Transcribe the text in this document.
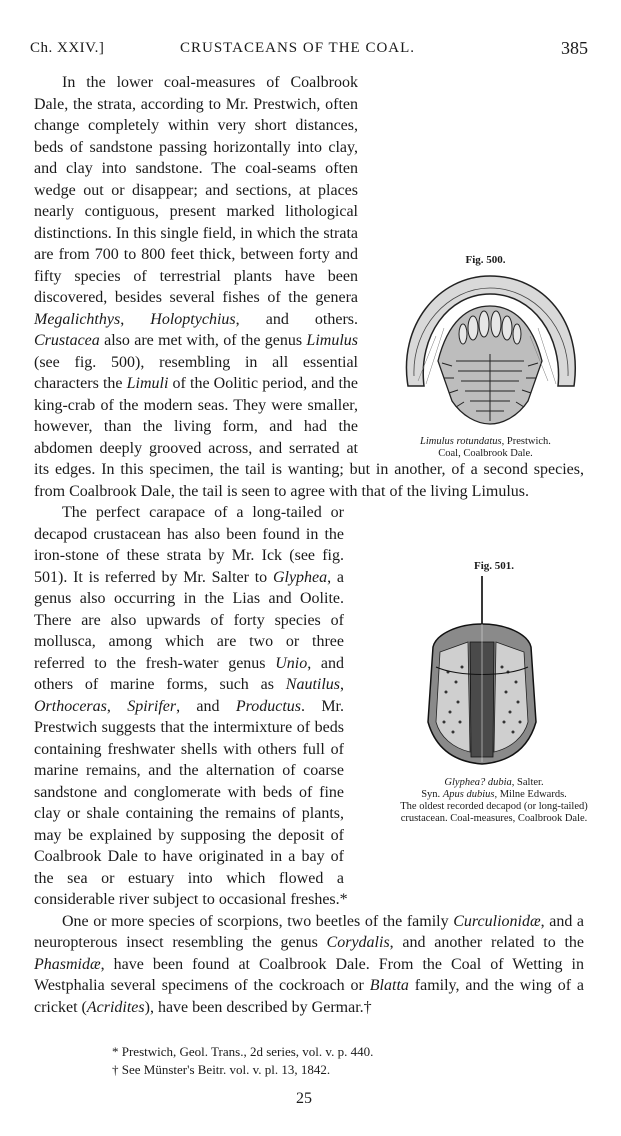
Ch. XXIV.]	CRUSTACEANS OF THE COAL.	385
Fig. 500.
Limulus rotundatus, Prestwich.
Coal, Coalbrook Dale.
Fig. 501.
Glyphea? dubia, Salter.
Syn. Apus dubius, Milne Edwards.
The oldest recorded decapod (or long-tailed) crustacean. Coal-measures, Coalbrook Dale.

In the lower coal-measures of Coalbrook Dale, the strata, according to Mr. Prestwich, often change completely within very short distances, beds of sandstone passing horizontally into clay, and clay into sandstone. The coal-seams often wedge out or disappear; and sections, at places nearly contiguous, present marked lithological distinctions. In this single field, in which the strata are from 700 to 800 feet thick, between forty and fifty species of terrestrial plants have been discovered, besides several fishes of the genera Megalichthys, Holoptychius, and others. Crustacea also are met with, of the genus Limulus (see fig. 500), resembling in all essential characters the Limuli of the Oolitic period, and the king-crab of the modern seas. They were smaller, however, than the living form, and had the abdomen deeply grooved across, and serrated at its edges. In this specimen, the tail is wanting; but in another, of a second species, from Coalbrook Dale, the tail is seen to agree with that of the living Limulus.

The perfect carapace of a long-tailed or decapod crustacean has also been found in the iron-stone of these strata by Mr. Ick (see fig. 501). It is referred by Mr. Salter to Glyphea, a genus also occurring in the Lias and Oolite. There are also upwards of forty species of mollusca, among which are two or three referred to the fresh-water genus Unio, and others of marine forms, such as Nautilus, Orthoceras, Spirifer, and Productus. Mr. Prestwich suggests that the intermixture of beds containing freshwater shells with others full of marine remains, and the alternation of coarse sandstone and conglomerate with beds of fine clay or shale containing the remains of plants, may be explained by supposing the deposit of Coalbrook Dale to have originated in a bay of the sea or estuary into which flowed a considerable river subject to occasional freshes.*

One or more species of scorpions, two beetles of the family Curculionidæ, and a neuropterous insect resembling the genus Corydalis, and another related to the Phasmidæ, have been found at Coalbrook Dale. From the Coal of Wetting in Westphalia several specimens of the cockroach or Blatta family, and the wing of a cricket (Acridites), have been described by Germar.†

* Prestwich, Geol. Trans., 2d series, vol. v. p. 440.
† See Münster's Beitr. vol. v. pl. 13, 1842.
25
